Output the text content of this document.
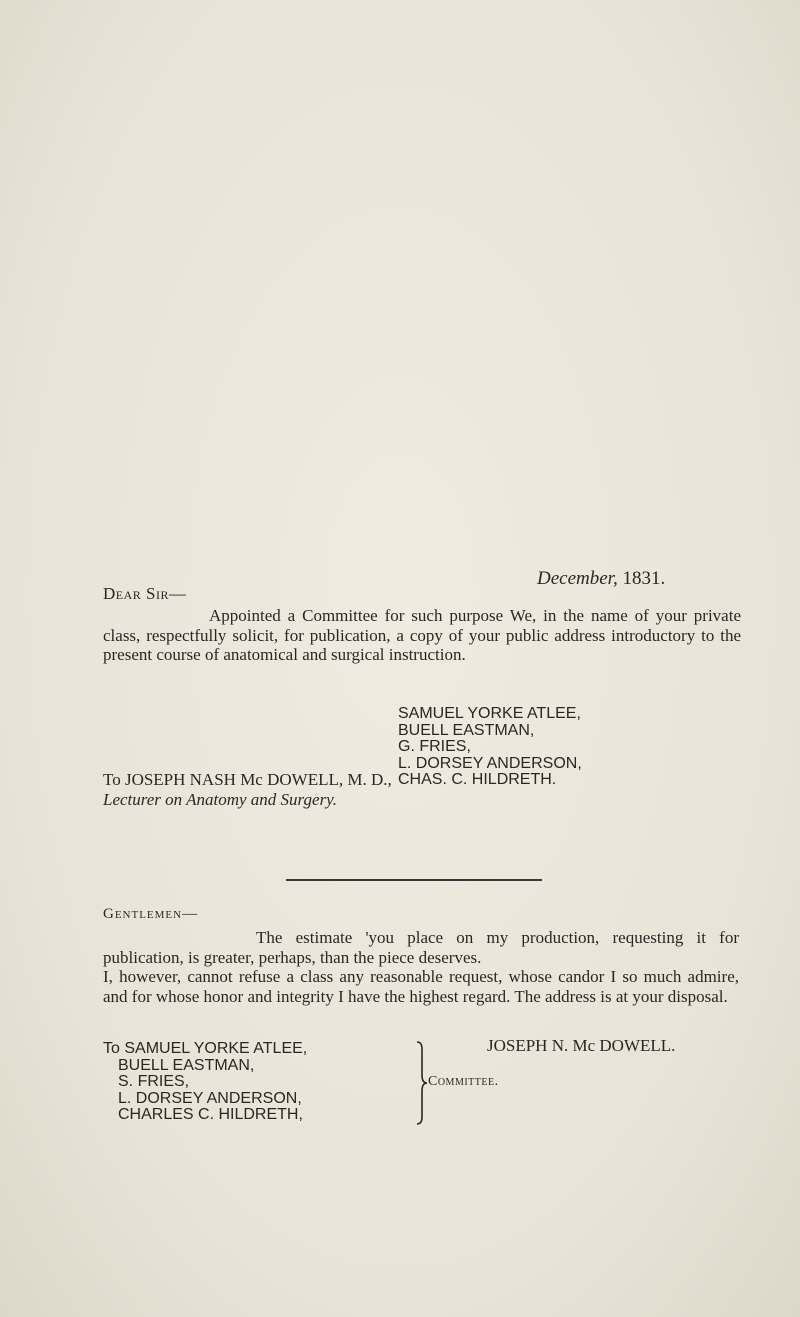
December, 1831.
Dear Sir—

Appointed a Committee for such purpose We, in the name of your private class, respectfully solicit, for publication, a copy of your public address introductory to the present course of anatomical and surgical instruction.

SAMUEL YORKE ATLEE,
BUELL EASTMAN,
G. FRIES,
L. DORSEY ANDERSON,
CHAS. C. HILDRETH.
To JOSEPH NASH Mc DOWELL, M. D.,
Lecturer on Anatomy and Surgery.
Gentlemen—

The estimate 'you place on my production, requesting it for publication, is greater, perhaps, than the piece deserves.

I, however, cannot refuse a class any reasonable request, whose candor I so much admire, and for whose honor and integrity I have the highest regard. The address is at your disposal.

JOSEPH N. Mc DOWELL.
To SAMUEL YORKE ATLEE,
BUELL EASTMAN,
S. FRIES,
L. DORSEY ANDERSON,
CHARLES C. HILDRETH,
Committee.
